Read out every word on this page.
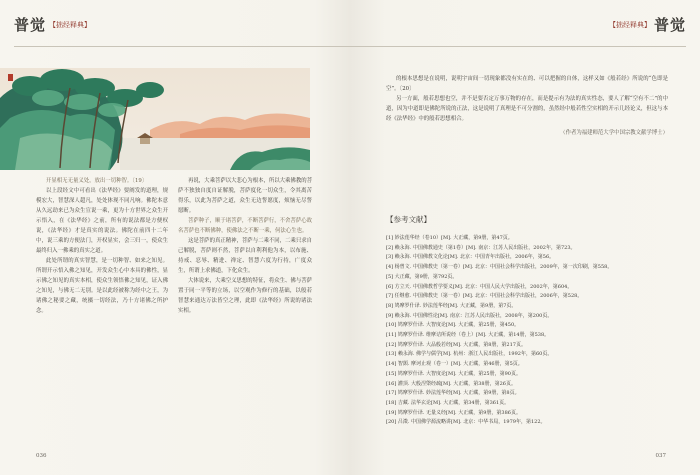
普觉 【拙经释典】

开显相无无量义处，放出一切种智。〔19〕

以上段经文中可看出《法华经》要阐发的道理，规模宏大，智慧深人超凡，处处体现不同凡响。佛陀本意从久远劫来已为众生宣说一乘，更为十方世界之众生开示悟入，在《法华经》之前，所有的说法都是方便权说，《法华经》才是真实的说法。佛陀在前四十二年中，说三乘的方便法门，开权显实，会三归一，使众生最终归入一佛乘的真实之道。

此处所谓的真实智慧，是一切种智、如来之知见。所谓开示悟入佛之知见，开发众生心中本具的佛性，显示佛之知见的真实本相，使众生领悟佛之知见，证入佛之知见，与佛无二无别。是以此经被称为经中之王，为诸佛之秘要之藏，统摄一切经法，乃十方诸佛之所护念。

再说，大乘菩萨以大悲心为根本，所以大乘佛教的菩萨不独独自度自证解脱，菩萨度化一切众生，令其离苦得乐，以此为菩萨之道，众生无边誓愿度，烦恼无尽誓愿断。

菩萨种子，顺于诸菩萨，不断菩萨行，不舍菩萨心故名菩萨也不断佛种，使佛法之不断一乘，何法心生也。

这是菩萨的真正精神，菩萨与二乘不同，二乘只求自己解脱，菩萨则不然，菩萨以自利利他为本，以布施、持戒、忍辱、精进、禅定、智慧六度为行持，广度众生，所谓上求佛道，下化众生。

大体说来，大乘空义思想的特征，将众生、佛与菩萨置于同一平等的立场，以空观作为修行的基础，以般若智慧来通达万法皆空之理，此即《法华经》所说的诸法实相。

036
【拙经释典】 普觉

的根本思想是在说明，说明宇宙间一切现象都没有实在的、可以把握的自体，这样又如《般若经》所说的“色即是空”。〔20〕

另一方面，般若思想也空，并不是要否定万事万物的存在，而是提示有为法的真实性态，要人了解“空有不二”的中道，因为中道即是佛陀所说的正法，这是说明了真理是不可分割的，虽然经中般若性空实相的开示几经论义，但这与本经《法华经》中的般若思想相合。

（作者为福建师范大学中国宗教文献学博士）

【参考文献】
[1] 妙法莲华经（卷10）[M]. 大正藏，第9册，第47页。
[2] 赖永海. 中国佛教通史（第1卷）[M]. 南京：江苏人民出版社，2002年，第723。
[3] 赖永海. 中国佛教文化论[M]. 北京：中国青年出版社，2006年，第56。
[4] 杨曾文. 中国佛教史（第一卷）[M]. 北京：中国社会科学出版社，2009年，第一次印刷，第558。
[5] 大正藏，第9册，第792页。
[6] 方立天. 中国佛教哲学要义[M]. 北京：中国人民大学出版社，2002年，第604。
[7] 任继愈. 中国佛教史（第一卷）[M]. 北京：中国社会科学出版社，2006年，第528。
[8] 鸠摩罗什译. 妙法莲华经[M]. 大正藏，第9册，第7页。
[9] 赖永海. 中国佛性论[M]. 南京：江苏人民出版社，2008年，第200页。
[10] 鸠摩罗什译. 大智度论[M]. 大正藏，第25册，第450。
[11] 鸠摩罗什译. 维摩诘所说经（卷上）[M]. 大正藏，第14册，第538。
[12] 鸠摩罗什译. 大品般若经[M]. 大正藏，第8册，第217页。
[13] 赖永海. 佛学与儒学[M]. 杭州：浙江人民出版社，1992年，第60页。
[14] 智顗. 摩诃止观（卷一）[M]. 大正藏，第46册，第5页。
[15] 鸠摩罗什译. 大智度论[M]. 大正藏，第25册，第90页。
[16] 灌顶. 大般涅槃经疏[M]. 大正藏，第38册，第26页。
[17] 鸠摩罗什译. 妙法莲华经[M]. 大正藏，第9册，第8页。
[18] 吉藏. 法华玄论[M]. 大正藏，第34册，第361页。
[19] 鸠摩罗什译. 无量义经[M]. 大正藏，第9册，第386页。
[20] 吕澂. 中国佛学源流略讲[M]. 北京：中华书局，1979年，第122。
037
